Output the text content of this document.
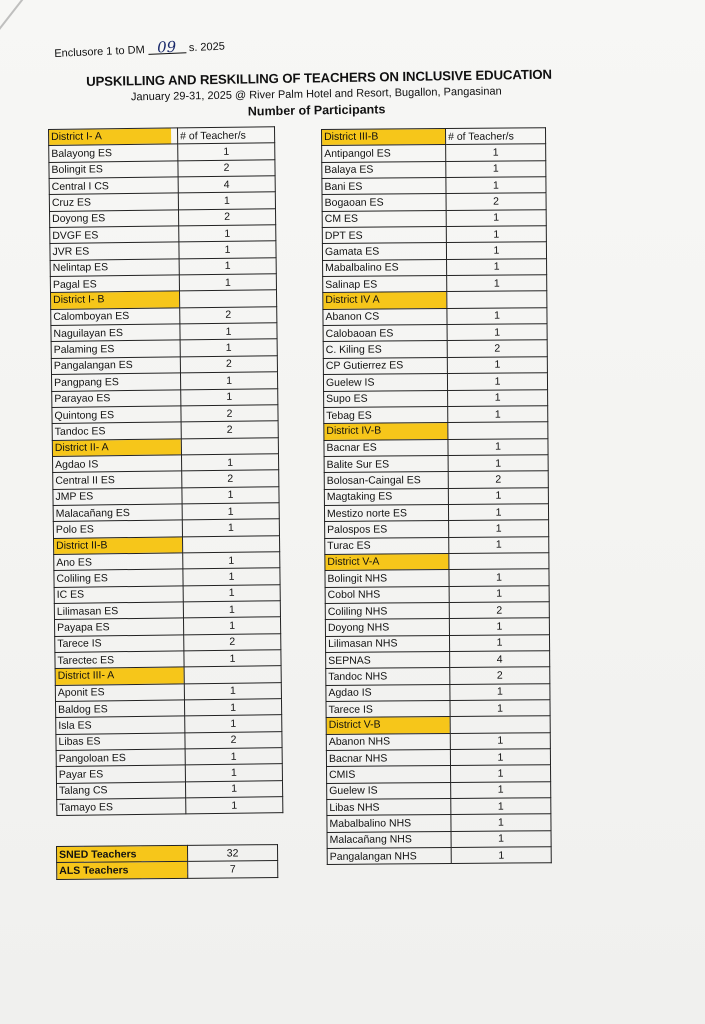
Enclusore 1 to DM 09 s. 2025
UPSKILLING AND RESKILLING OF TEACHERS ON INCLUSIVE EDUCATION
January 29-31, 2025 @ River Palm Hotel and Resort, Bugallon, Pangasinan
Number of Participants
District I- A	# of Teacher/s
Balayong ES	1
Bolingit ES	2
Central I CS	4
Cruz ES	1
Doyong ES	2
DVGF ES	1
JVR ES	1
Nelintap ES	1
Pagal ES	1

District I- B	

Calomboyan ES	2
Naguilayan ES	1
Palaming ES	1
Pangalangan ES	2
Pangpang ES	1
Parayao ES	1
Quintong ES	2
Tandoc ES	2

District II- A	

Agdao IS	1
Central II ES	2
JMP ES	1
Malacañang ES	1
Polo ES	1

District II-B	

Ano ES	1
Coliling ES	1
IC ES	1
Lilimasan ES	1
Payapa ES	1
Tarece IS	2
Tarectec ES	1

District III- A	

Aponit ES	1
Baldog ES	1
Isla ES	1
Libas ES	2
Pangoloan ES	1
Payar ES	1
Talang CS	1
Tamayo ES	1
District III-B	# of Teacher/s
Antipangol ES	1
Balaya ES	1
Bani ES	1
Bogaoan ES	2
CM ES	1
DPT ES	1
Gamata ES	1
Mabalbalino ES	1
Salinap ES	1

District IV A	

Abanon CS	1
Calobaoan ES	1
C. Kiling ES	2
CP Gutierrez ES	1
Guelew IS	1
Supo ES	1
Tebag ES	1

District IV-B	

Bacnar ES	1
Balite Sur ES	1
Bolosan-Caingal ES	2
Magtaking ES	1
Mestizo norte ES	1
Palospos ES	1
Turac ES	1

District V-A	

Bolingit NHS	1
Cobol NHS	1
Coliling NHS	2
Doyong NHS	1
Lilimasan NHS	1
SEPNAS	4
Tandoc NHS	2
Agdao IS	1
Tarece IS	1

District V-B	

Abanon NHS	1
Bacnar NHS	1
CMIS	1
Guelew IS	1
Libas NHS	1
Mabalbalino NHS	1
Malacañang NHS	1
Pangalangan NHS	1
SNED Teachers	32
ALS Teachers	7
